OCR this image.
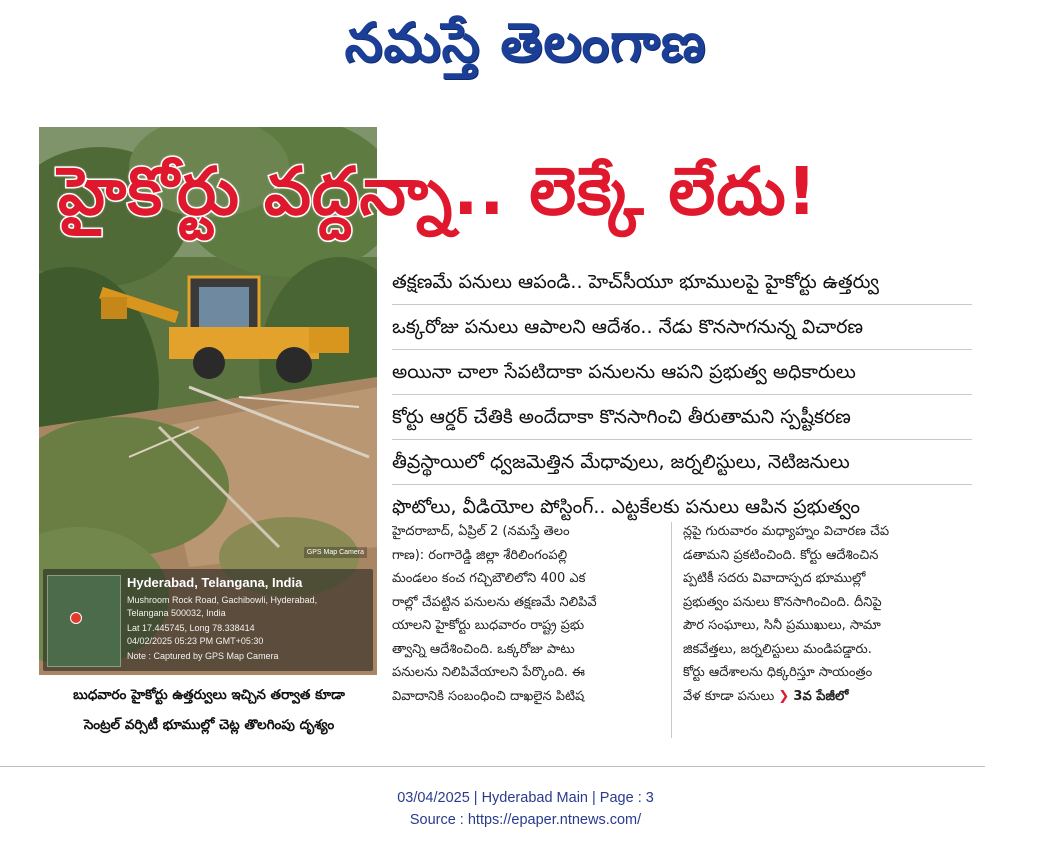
నమస్తే తెలంగాణ
GPS Map Camera
Hyderabad, Telangana, India
Mushroom Rock Road, Gachibowli, Hyderabad,
Telangana 500032, India
Lat 17.445745, Long 78.338414
04/02/2025 05:23 PM GMT+05:30
Note : Captured by GPS Map Camera
హైకోర్టు వద్దన్నా.. లెక్కే లేదు!
తక్షణమే పనులు ఆపండి.. హెచ్‌సీయూ భూములపై హైకోర్టు ఉత్తర్వు
ఒక్కరోజు పనులు ఆపాలని ఆదేశం.. నేడు కొనసాగనున్న విచారణ
అయినా చాలా సేపటిదాకా పనులను ఆపని ప్రభుత్వ అధికారులు
కోర్టు ఆర్డర్ చేతికి అందేదాకా కొనసాగించి తీరుతామని స్పష్టీకరణ
తీవ్రస్థాయిలో ధ్వజమెత్తిన మేధావులు, జర్నలిస్టులు, నెటిజనులు
ఫొటోలు, వీడియోల పోస్టింగ్.. ఎట్టకేలకు పనులు ఆపిన ప్రభుత్వం
హైదరాబాద్, ఏప్రిల్ 2 (నమస్తే తెలం
గాణ): రంగారెడ్డి జిల్లా శేరిలింగంపల్లి
మండలం కంచ గచ్చిబౌలిలోని 400 ఎక
రాల్లో చేపట్టిన పనులను తక్షణమే నిలిపివే
యాలని హైకోర్టు బుధవారం రాష్ట్ర ప్రభు
త్వాన్ని ఆదేశించింది. ఒక్కరోజు పాటు
పనులను నిలిపివేయాలని పేర్కొంది. ఈ
వివాదానికి సంబంధించి దాఖలైన పిటిష
న్లపై గురువారం మధ్యాహ్నం విచారణ చేప
డతామని ప్రకటించింది. కోర్టు ఆదేశించిన
ప్పటికీ సదరు వివాదాస్పద భూముల్లో
ప్రభుత్వం పనులు కొనసాగించింది. దీనిపై
పౌర సంఘాలు, సినీ ప్రముఖులు, సామా
జికవేత్తలు, జర్నలిస్టులు మండిపడ్డారు.
కోర్టు ఆదేశాలను ధిక్కరిస్తూ సాయంత్రం
వేళ కూడా పనులు ❯ 3వ పేజీలో
బుధవారం హైకోర్టు ఉత్తర్వులు ఇచ్చిన తర్వాత కూడా
సెంట్రల్ వర్సిటీ భూముల్లో చెట్ల తొలగింపు దృశ్యం
03/04/2025 | Hyderabad Main | Page : 3
Source : https://epaper.ntnews.com/
